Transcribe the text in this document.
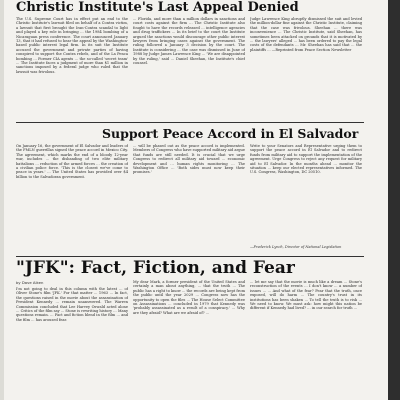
Christic Institute's Last Appeal Denied
The U.S. Supreme Court has in effect put an end to the Christic Institute's lawsuit filed on behalf of a Contra victim, a lawsuit that first brought the Iran-Contra scandal to light and played a key role in bringing ... the 1984 bombing of a Nicaraguan press conference. The court announced January 13, that it had refused to hear the appeal by the Washington-based public interest legal firm. In its suit the Institute accused the government and private parties of having conspired to support the Contra rebels, and of the La Penca bombing ... Former CIA agents ... the so-called 'secret team' ... The Institute faces a judgment of more than $1 million in sanctions imposed by a federal judge who ruled that the lawsuit was frivolous.
... Florida, and more than a million dollars in sanctions and court costs against the firm ... The Christic Institute also fought to have the records released ... intelligence agencies and drug traffickers ... In its brief to the court the Institute argued the sanctions would discourage other public interest lawyers from bringing cases against the government. The ruling followed a January 3 decision by the court. The Institute is considering ... the case was dismissed in June of 1988 by Judge James Lawrence King ... 'We are disappointed by the ruling,' said ... Daniel Sheehan, the Institute's chief counsel.
Judge Lawrence King abruptly dismissed the suit and levied the million-dollar fine against the Christic Institute, claiming that the case was frivolous. Sheehan ... there was inconvenience ... The Christic Institute, said Sheehan, has sometimes been attacked on grounds that it is motivated by ... the lawyers' alleged ... has been ordered to pay the legal costs of the defendants ... Mr. Sheehan has said that ... the plaintiffs ... —Reprinted from Peace Section Newsletter
Support Peace Accord in El Salvador
On January 16, the government of El Salvador and leaders of the FMLN guerrillas signed the peace accord in Mexico City. The agreement, which marks the end of a bloody 12-year war, includes ... the disbanding of two elite military battalions ... reduction of the armed forces ... the creation of a civilian police force. 'This is the closest we've come to peace in years.' ... The United States has provided over $4 billion to the Salvadoran government.
... will be phased out as the peace accord is implemented. Members of Congress who have supported military aid argue that funds are still needed. It is crucial that we urge Congress to redirect all military aid toward ... economic development and ... human rights monitoring ... The Washington Office ... 'Both sides must now keep their promises.'
Write to your Senators and Representative urging them to support the peace accord in El Salvador and to redirect funds from military aid to support the implementation of the agreement. Urge Congress to reject any request for military aid to El Salvador. In the months ahead ... monitor the situation ... keep our elected representatives informed. The U.S. Congress, Washington, DC 20510.
—Frederick Lynch, Director of National Legislation
"JFK": Fact, Fiction, and Fear
by Dave Aiken
I'm not going to deal in this column with the latest ... of Oliver Stone's film 'JFK.' For that matter ... 1963 ... In fact, the questions raised in the movie about the assassination of President Kennedy ... remain unanswered. The Warren Commission concluded that Lee Harvey Oswald acted alone ... Critics of the film say ... Stone is rewriting history ... Many questions remain. ... Fact and fiction blend in the film ... and the film ... has aroused fear.
My dear Mark, a former president of the United States and certainly a man about anything, ... that the truth ... The public has a right to know ... the records are being kept from the public until the year 2029 ... Congress now has the opportunity to open the files ... The House Select Committee on Assassinations ... concluded in 1979 that Kennedy was 'probably assassinated as a result of a conspiracy.' ... Why are they afraid? What are we afraid of? ...
... let me say that the movie is much like a dream ... Stone's reconstruction of the events ... I don't know ... a number of issues ... ... And what of the fear? Fear that the truth, once exposed, will do harm ... The country's trust in its institutions has been shaken ... To tell the truth is to risk ... We need to know. We must ask: how might this nation be different if Kennedy had lived? ... in our search for truth ...
